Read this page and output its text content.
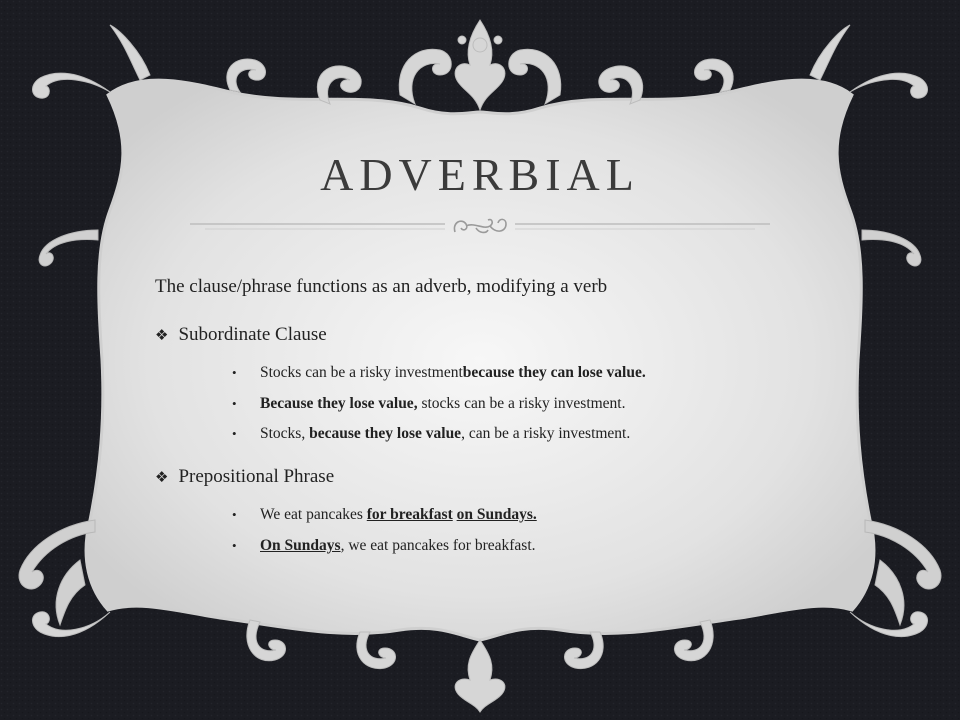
ADVERBIAL
The clause/phrase functions as an adverb, modifying a verb
❖ Subordinate Clause
•	Stocks can be a risky investment because they can lose value.
•	Because they lose value, stocks can be a risky investment.
•	Stocks, because they lose value , can be a risky investment.
❖ Prepositional Phrase
•	We eat pancakes for breakfast
on Sundays.
•	On Sundays , we eat pancakes for breakfast.
